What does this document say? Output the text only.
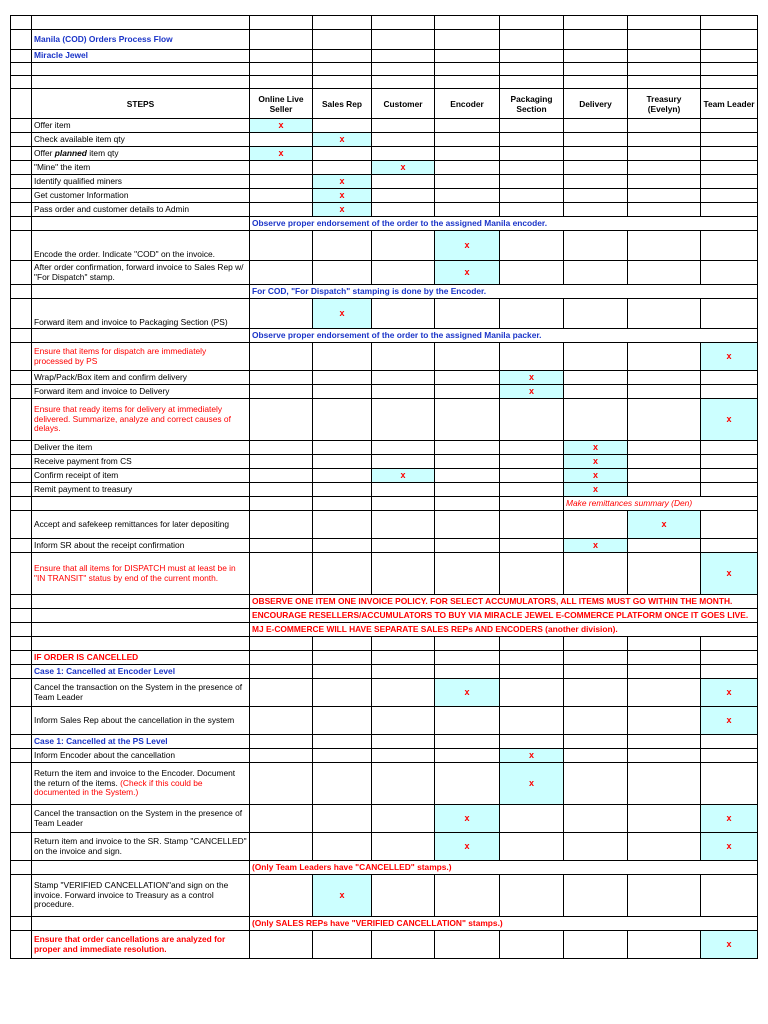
	Manila (COD) Orders Process Flow								
	Miracle Jewel								

	STEPS	Online Live Seller	Sales Rep	Customer	Encoder	Packaging Section	Delivery	Treasury (Evelyn)	Team Leader
	Offer item	x							
	Check available item qty		x						
	Offer planned item qty	x							
	"Mine" the item			x					
	Identify qualified miners		x						
	Get customer Information		x						
	Pass order and customer details to Admin		x						
		Observe proper endorsement of the order to the assigned Manila encoder.							
	Encode the order. Indicate "COD" on the invoice.				x				
	After order confirmation, forward invoice to Sales Rep w/ "For Dispatch" stamp.				x				
		For COD, "For Dispatch" stamping is done by the Encoder.							
	Forward item and invoice to Packaging Section (PS)		x						
		Observe proper endorsement of the order to the assigned Manila packer.							
	Ensure that items for dispatch are immediately processed by PS								x
	Wrap/Pack/Box item and confirm delivery					x			
	Forward item and invoice to Delivery					x			
	Ensure that ready items for delivery at immediately delivered. Summarize, analyze and correct causes of delays.								x
	Deliver the item						x		
	Receive payment from CS						x		
	Confirm receipt of item			x			x		
	Remit payment to treasury						x		
							Make remittances summary (Den)		
	Accept and safekeep remittances for later depositing							x	
	Inform SR about the receipt confirmation						x		
	Ensure that all items for DISPATCH must at least be in "IN TRANSIT" status by end of the current month.								x
		OBSERVE ONE ITEM ONE INVOICE POLICY. FOR SELECT ACCUMULATORS, ALL ITEMS MUST GO WITHIN THE MONTH.							
		ENCOURAGE RESELLERS/ACCUMULATORS TO BUY VIA MIRACLE JEWEL E-COMMERCE PLATFORM ONCE IT GOES LIVE.							
		MJ E-COMMERCE WILL HAVE SEPARATE SALES REPs AND ENCODERS (another division).							

	IF ORDER IS CANCELLED								
	Case 1: Cancelled at Encoder Level								
	Cancel the transaction on the System in the presence of Team Leader				x				x
	Inform Sales Rep about the cancellation in the system								x
	Case 1: Cancelled at the PS Level								
	Inform Encoder about the cancellation					x			
	Return the item and invoice to the Encoder. Document the return of the items. (Check if this could be documented in the System.)					x			
	Cancel the transaction on the System in the presence of Team Leader				x				x
	Return item and invoice to the SR. Stamp "CANCELLED" on the invoice and sign.				x				x
		(Only Team Leaders have "CANCELLED" stamps.)							
	Stamp "VERIFIED CANCELLATION"and sign on the invoice. Forward invoice to Treasury as a control procedure.		x						
		(Only SALES REPs have "VERIFIED CANCELLATION" stamps.)							
	Ensure that order cancellations are analyzed for proper and immediate resolution.								x
